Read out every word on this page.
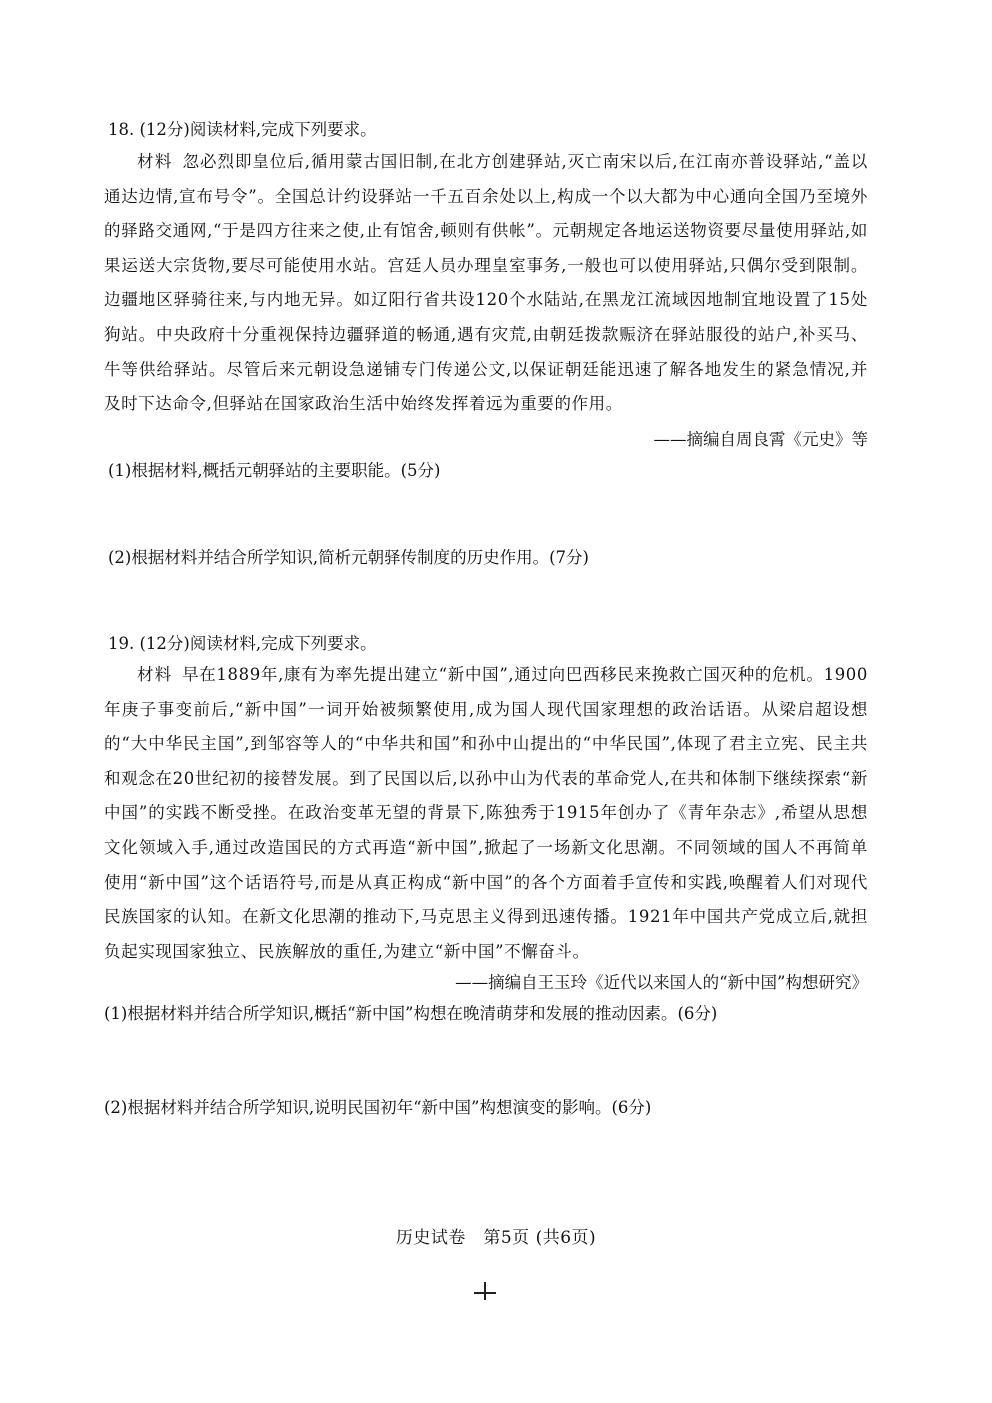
18. (12分)阅读材料,完成下列要求。
材料 忽必烈即皇位后,循用蒙古国旧制,在北方创建驿站,灭亡南宋以后,在江南亦普设驿站,“盖以通达边情,宣布号令”。全国总计约设驿站一千五百余处以上,构成一个以大都为中心通向全国乃至境外的驿路交通网,“于是四方往来之使,止有馆舍,顿则有供帐”。元朝规定各地运送物资要尽量使用驿站,如果运送大宗货物,要尽可能使用水站。宫廷人员办理皇室事务,一般也可以使用驿站,只偶尔受到限制。边疆地区驿骑往来,与内地无异。如辽阳行省共设120个水陆站,在黑龙江流域因地制宜地设置了15处狗站。中央政府十分重视保持边疆驿道的畅通,遇有灾荒,由朝廷拨款赈济在驿站服役的站户,补买马、牛等供给驿站。尽管后来元朝设急递铺专门传递公文,以保证朝廷能迅速了解各地发生的紧急情况,并及时下达命令,但驿站在国家政治生活中始终发挥着远为重要的作用。
——摘编自周良霄《元史》等
(1)根据材料,概括元朝驿站的主要职能。(5分)
(2)根据材料并结合所学知识,简析元朝驿传制度的历史作用。(7分)
19. (12分)阅读材料,完成下列要求。
材料 早在1889年,康有为率先提出建立“新中国”,通过向巴西移民来挽救亡国灭种的危机。1900年庚子事变前后,“新中国”一词开始被频繁使用,成为国人现代国家理想的政治话语。从梁启超设想的“大中华民主国”,到邹容等人的“中华共和国”和孙中山提出的“中华民国”,体现了君主立宪、民主共和观念在20世纪初的接替发展。到了民国以后,以孙中山为代表的革命党人,在共和体制下继续探索“新中国”的实践不断受挫。在政治变革无望的背景下,陈独秀于1915年创办了《青年杂志》,希望从思想文化领域入手,通过改造国民的方式再造“新中国”,掀起了一场新文化思潮。不同领域的国人不再简单使用“新中国”这个话语符号,而是从真正构成“新中国”的各个方面着手宣传和实践,唤醒着人们对现代民族国家的认知。在新文化思潮的推动下,马克思主义得到迅速传播。1921年中国共产党成立后,就担负起实现国家独立、民族解放的重任,为建立“新中国”不懈奋斗。
——摘编自王玉玲《近代以来国人的“新中国”构想研究》
(1)根据材料并结合所学知识,概括“新中国”构想在晚清萌芽和发展的推动因素。(6分)
(2)根据材料并结合所学知识,说明民国初年“新中国”构想演变的影响。(6分)
历史试卷　第5页 (共6页)
